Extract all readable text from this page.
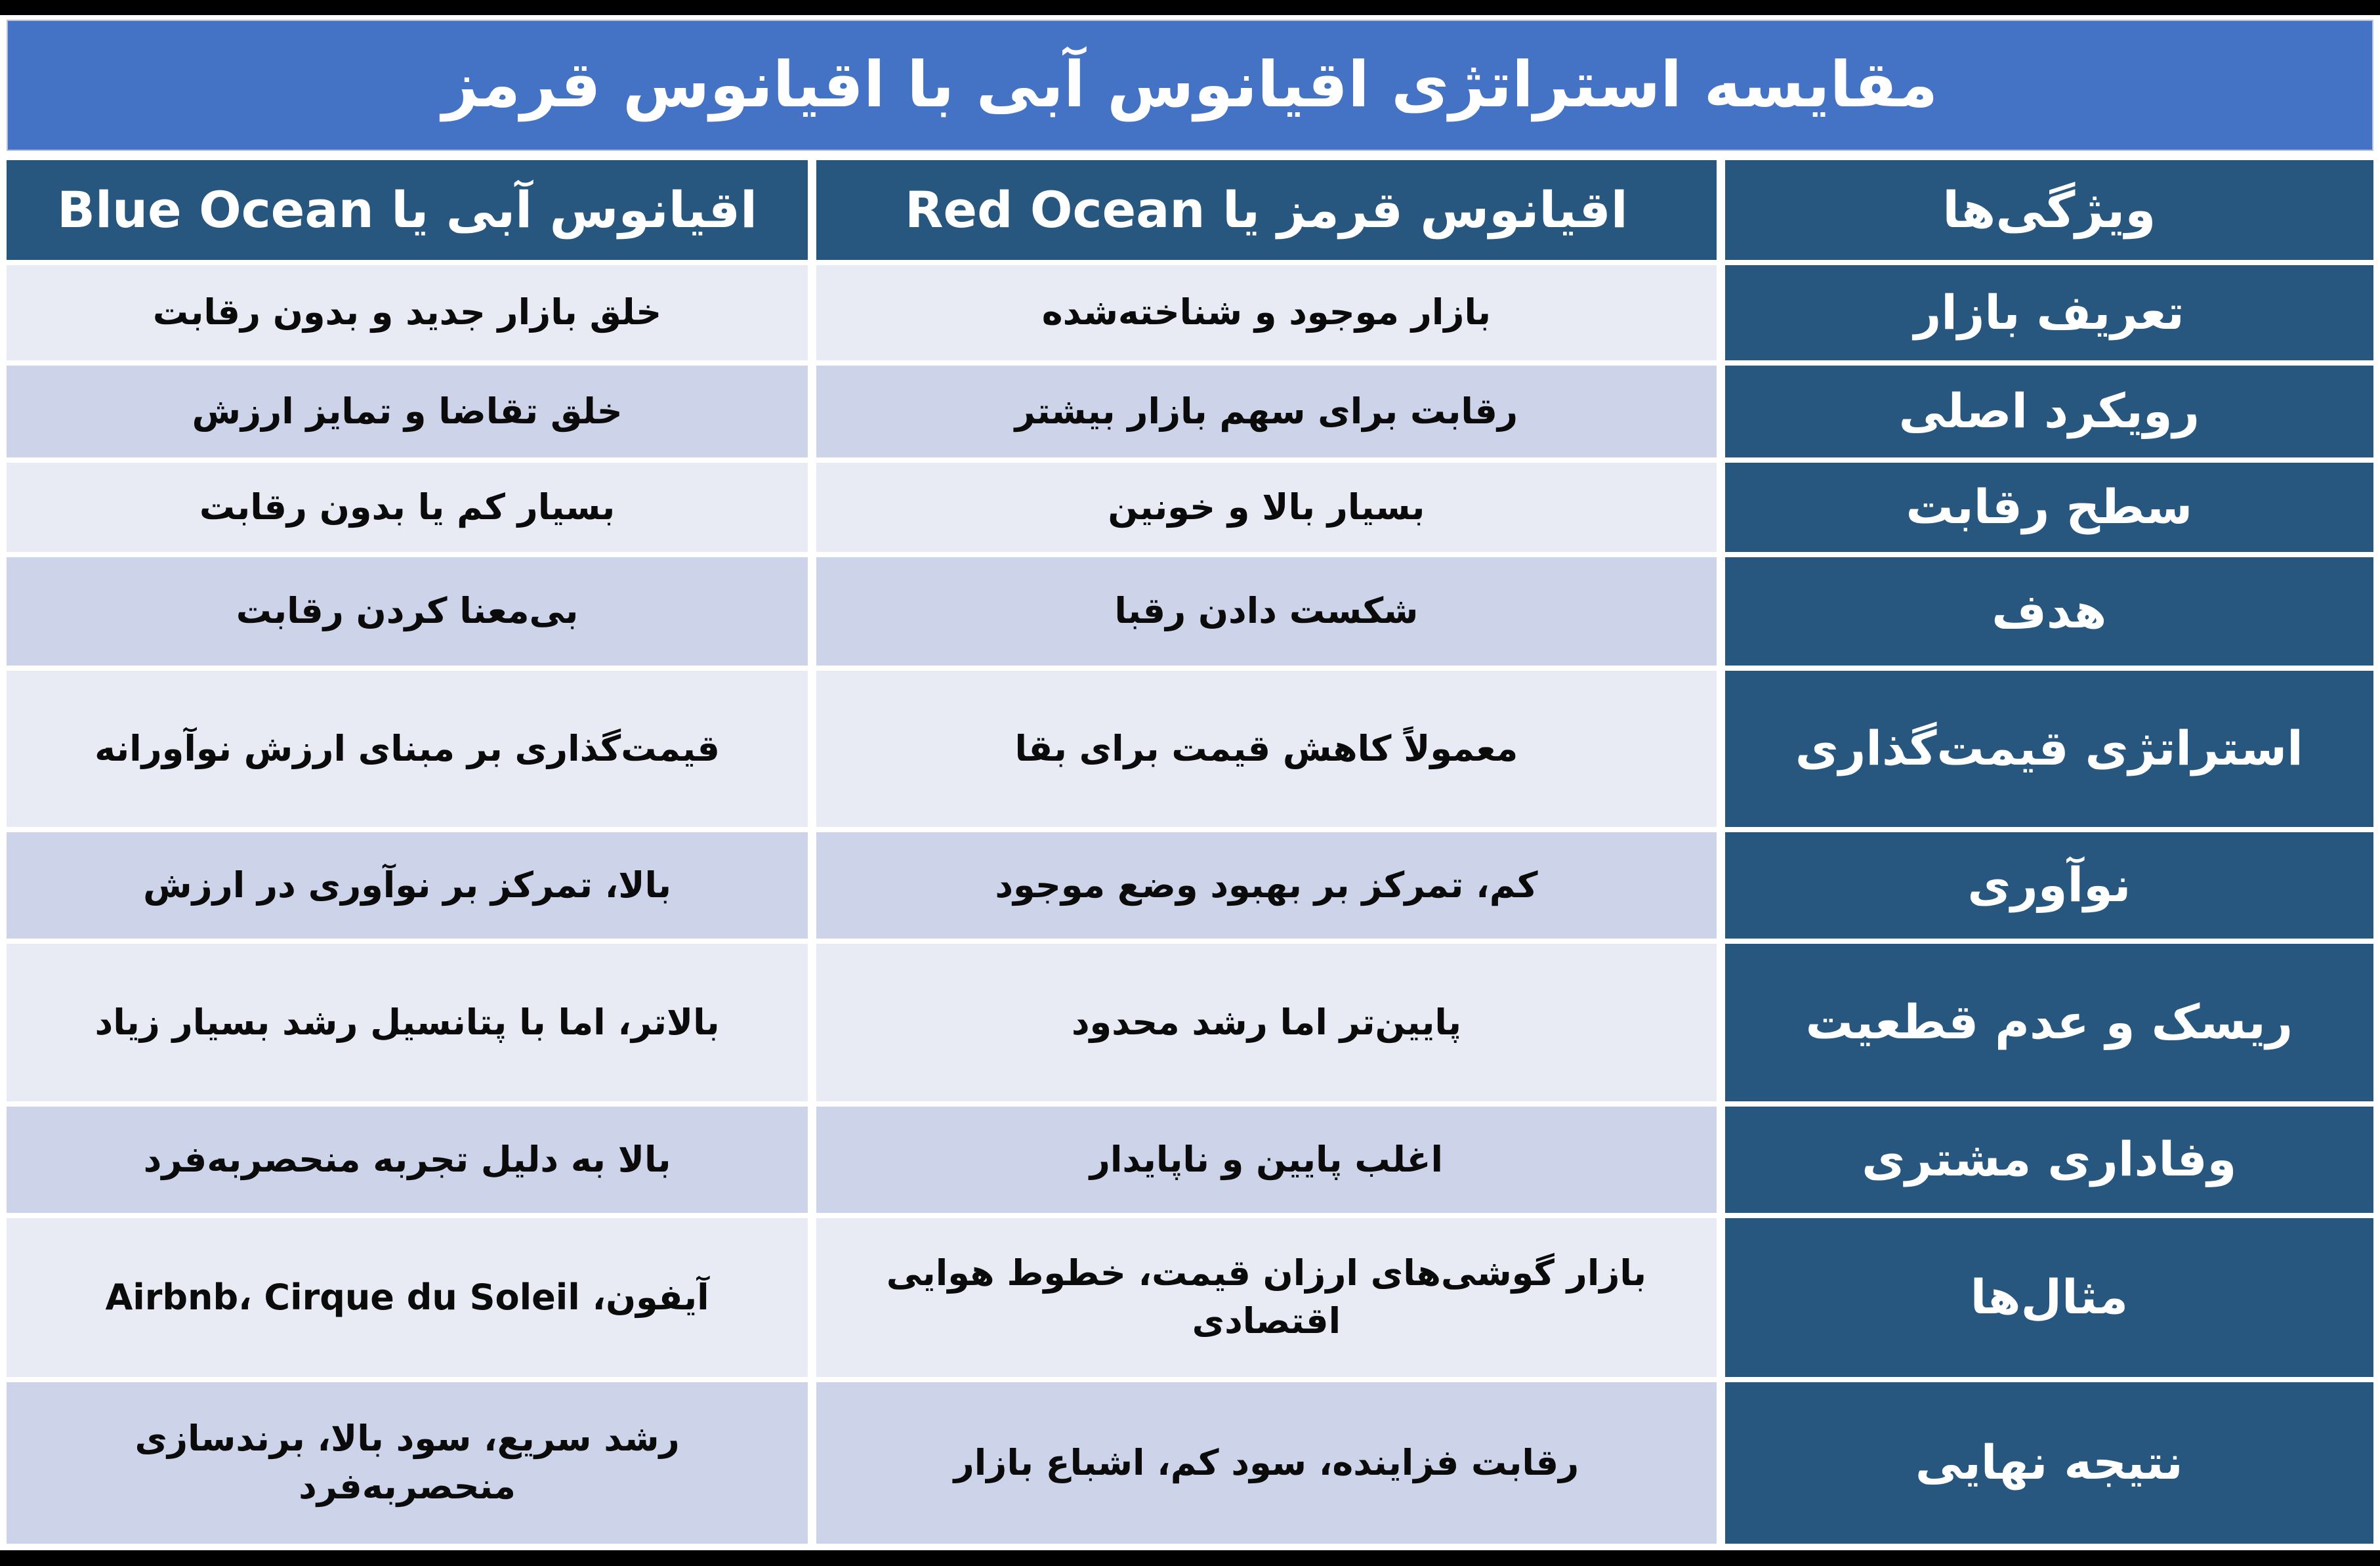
مقایسه استراتژی اقیانوس آبی با اقیانوس قرمز
ویژگی‌ها
اقیانوس قرمز یا Red Ocean
اقیانوس آبی یا Blue Ocean
تعریف بازار
بازار موجود و شناخته‌شده
خلق بازار جدید و بدون رقابت
رویکرد اصلی
رقابت برای سهم بازار بیشتر
خلق تقاضا و تمایز ارزش
سطح رقابت
بسیار بالا و خونین
بسیار کم یا بدون رقابت
هدف
شکست دادن رقبا
بی‌معنا کردن رقابت
استراتژی قیمت‌گذاری
معمولاً کاهش قیمت برای بقا
قیمت‌گذاری بر مبنای ارزش نوآورانه
نوآوری
کم، تمرکز بر بهبود وضع موجود
بالا، تمرکز بر نوآوری در ارزش
ریسک و عدم قطعیت
پایین‌تر اما رشد محدود
بالاتر، اما با پتانسیل رشد بسیار زیاد
وفاداری مشتری
اغلب پایین و ناپایدار
بالا به دلیل تجربه منحصربه‌فرد
مثال‌ها
بازار گوشی‌های ارزان قیمت، خطوط هوایی اقتصادی
آیفون، Airbnb، Cirque du Soleil
نتیجه نهایی
رقابت فزاینده، سود کم، اشباع بازار
رشد سریع، سود بالا، برندسازی منحصربه‌فرد
